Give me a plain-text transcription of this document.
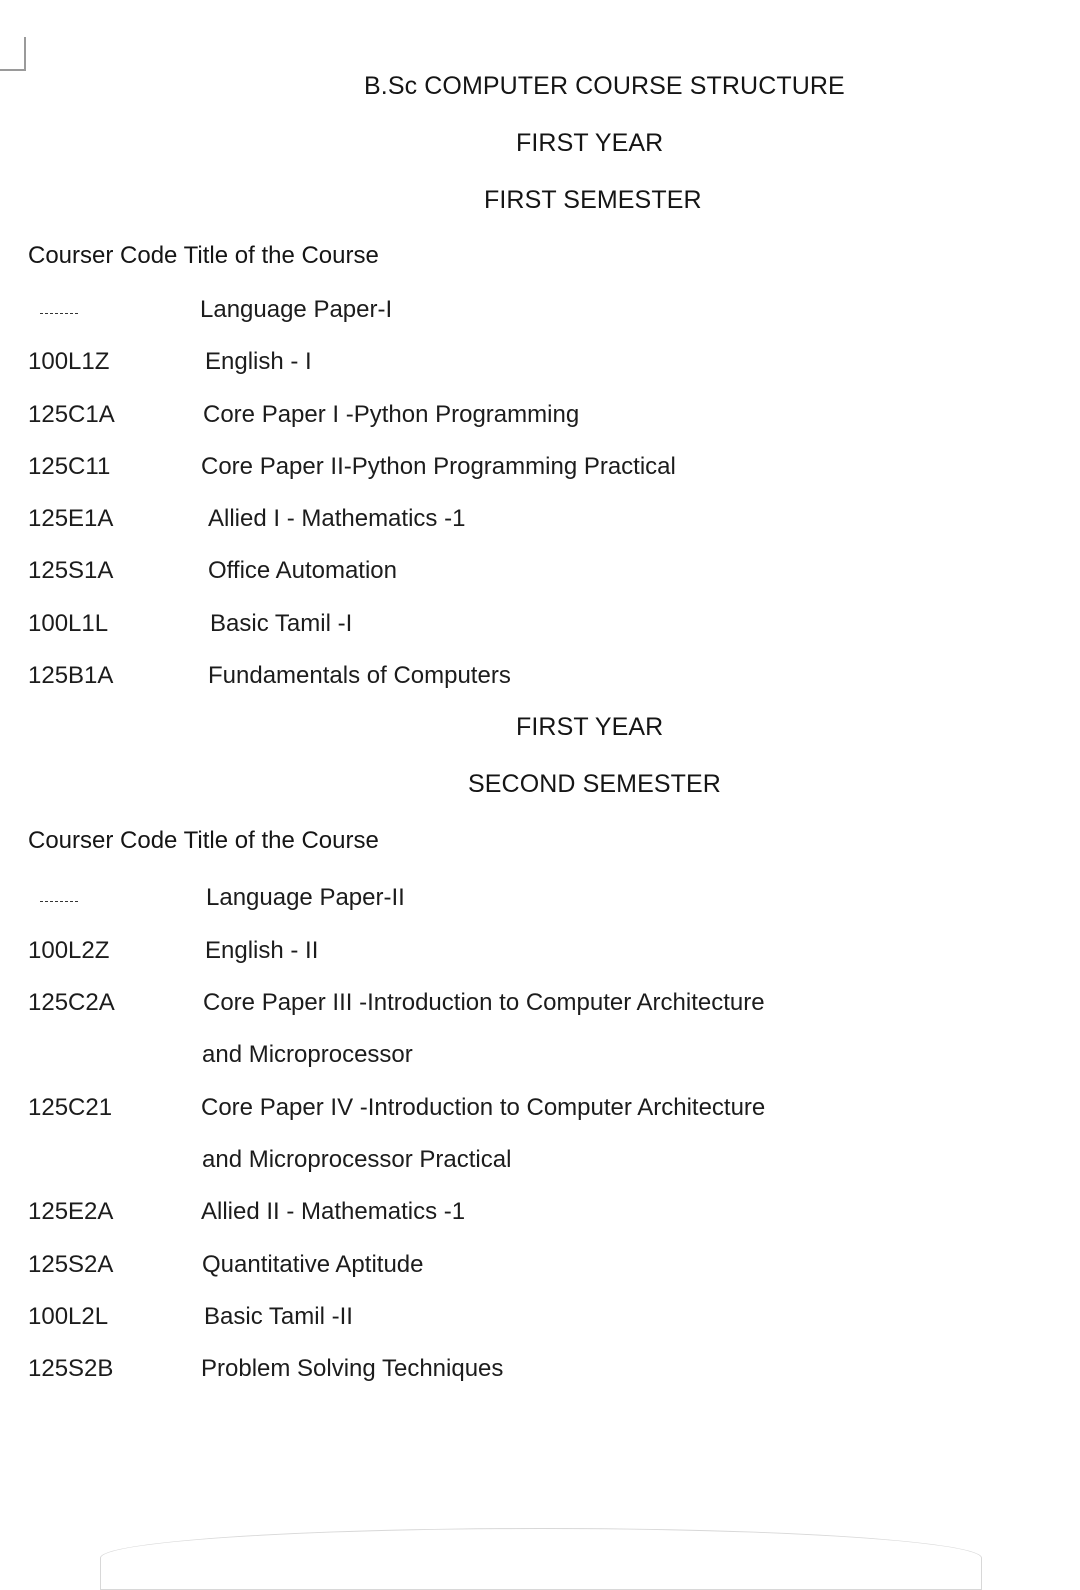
B.Sc COMPUTER COURSE STRUCTURE
FIRST YEAR
FIRST SEMESTER
Courser Code Title of the Course
Language Paper-I
100L1Z	English - I
125C1A	Core Paper I -Python Programming
125C11	Core Paper II-Python Programming Practical
125E1A	Allied I - Mathematics -1
125S1A	Office Automation
100L1L	Basic Tamil -I
125B1A	Fundamentals of Computers
FIRST YEAR
SECOND SEMESTER
Courser Code Title of the Course
Language Paper-II
100L2Z	English - II
125C2A	Core Paper III -Introduction to Computer Architecture
and Microprocessor
125C21	Core Paper IV -Introduction to Computer Architecture
and Microprocessor Practical
125E2A	Allied II - Mathematics -1
125S2A	Quantitative Aptitude
100L2L	Basic Tamil -II
125S2B	Problem Solving Techniques
